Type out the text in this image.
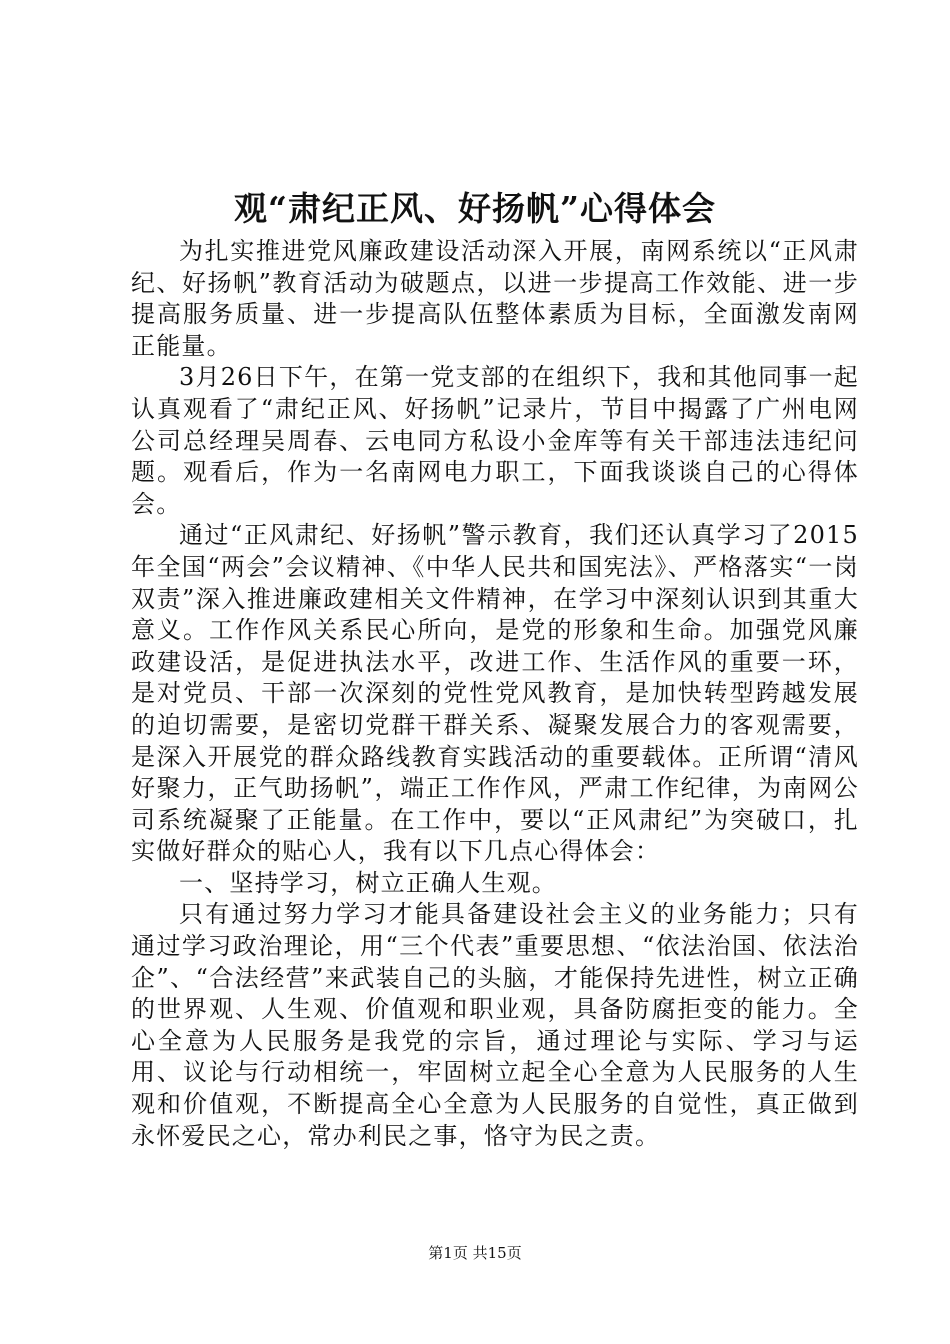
观“肃纪正风、好扬帆”心得体会

为扎实推进党风廉政建设活动深入开展，南网系统以“正风肃纪、好扬帆”教育活动为破题点，以进一步提高工作效能、进一步提高服务质量、进一步提高队伍整体素质为目标，全面激发南网正能量。

3月26日下午，在第一党支部的在组织下，我和其他同事一起认真观看了“肃纪正风、好扬帆”记录片，节目中揭露了广州电网公司总经理吴周春、云电同方私设小金库等有关干部违法违纪问题。观看后，作为一名南网电力职工，下面我谈谈自己的心得体会。

通过“正风肃纪、好扬帆”警示教育，我们还认真学习了2015年全国“两会”会议精神、《中华人民共和国宪法》、严格落实“一岗双责”深入推进廉政建相关文件精神，在学习中深刻认识到其重大意义。工作作风关系民心所向，是党的形象和生命。加强党风廉政建设活，是促进执法水平，改进工作、生活作风的重要一环，是对党员、干部一次深刻的党性党风教育，是加快转型跨越发展的迫切需要，是密切党群干群关系、凝聚发展合力的客观需要，是深入开展党的群众路线教育实践活动的重要载体。正所谓“清风好聚力，正气助扬帆”，端正工作作风，严肃工作纪律，为南网公司系统凝聚了正能量。在工作中，要以“正风肃纪”为突破口，扎实做好群众的贴心人，我有以下几点心得体会：

一、坚持学习，树立正确人生观。

只有通过努力学习才能具备建设社会主义的业务能力；只有通过学习政治理论，用“三个代表”重要思想、“依法治国、依法治企”、“合法经营”来武装自己的头脑，才能保持先进性，树立正确的世界观、人生观、价值观和职业观，具备防腐拒变的能力。全心全意为人民服务是我党的宗旨，通过理论与实际、学习与运用、议论与行动相统一，牢固树立起全心全意为人民服务的人生观和价值观，不断提高全心全意为人民服务的自觉性，真正做到永怀爱民之心，常办利民之事，恪守为民之责。

第1页 共15页
